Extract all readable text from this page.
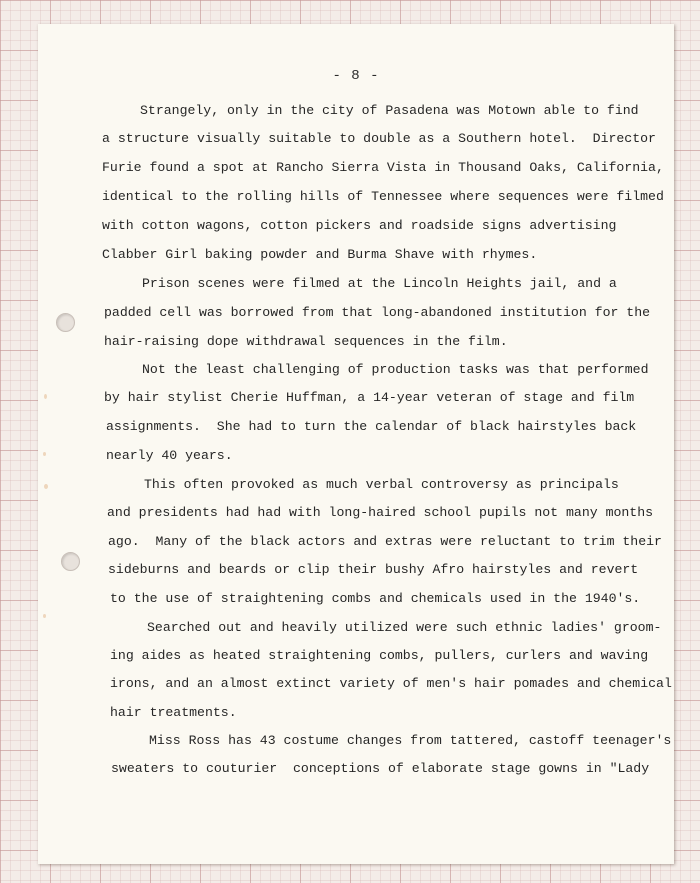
- 8 -
Strangely, only in the city of Pasadena was Motown able to find
a structure visually suitable to double as a Southern hotel.  Director
Furie found a spot at Rancho Sierra Vista in Thousand Oaks, California,
identical to the rolling hills of Tennessee where sequences were filmed
with cotton wagons, cotton pickers and roadside signs advertising
Clabber Girl baking powder and Burma Shave with rhymes.
Prison scenes were filmed at the Lincoln Heights jail, and a
padded cell was borrowed from that long-abandoned institution for the
hair-raising dope withdrawal sequences in the film.
Not the least challenging of production tasks was that performed
by hair stylist Cherie Huffman, a 14-year veteran of stage and film
assignments.  She had to turn the calendar of black hairstyles back
nearly 40 years.
This often provoked as much verbal controversy as principals
and presidents had had with long-haired school pupils not many months
ago.  Many of the black actors and extras were reluctant to trim their
sideburns and beards or clip their bushy Afro hairstyles and revert
to the use of straightening combs and chemicals used in the 1940's.
Searched out and heavily utilized were such ethnic ladies' groom-
ing aides as heated straightening combs, pullers, curlers and waving
irons, and an almost extinct variety of men's hair pomades and chemical
hair treatments.
Miss Ross has 43 costume changes from tattered, castoff teenager's
sweaters to couturier  conceptions of elaborate stage gowns in "Lady
